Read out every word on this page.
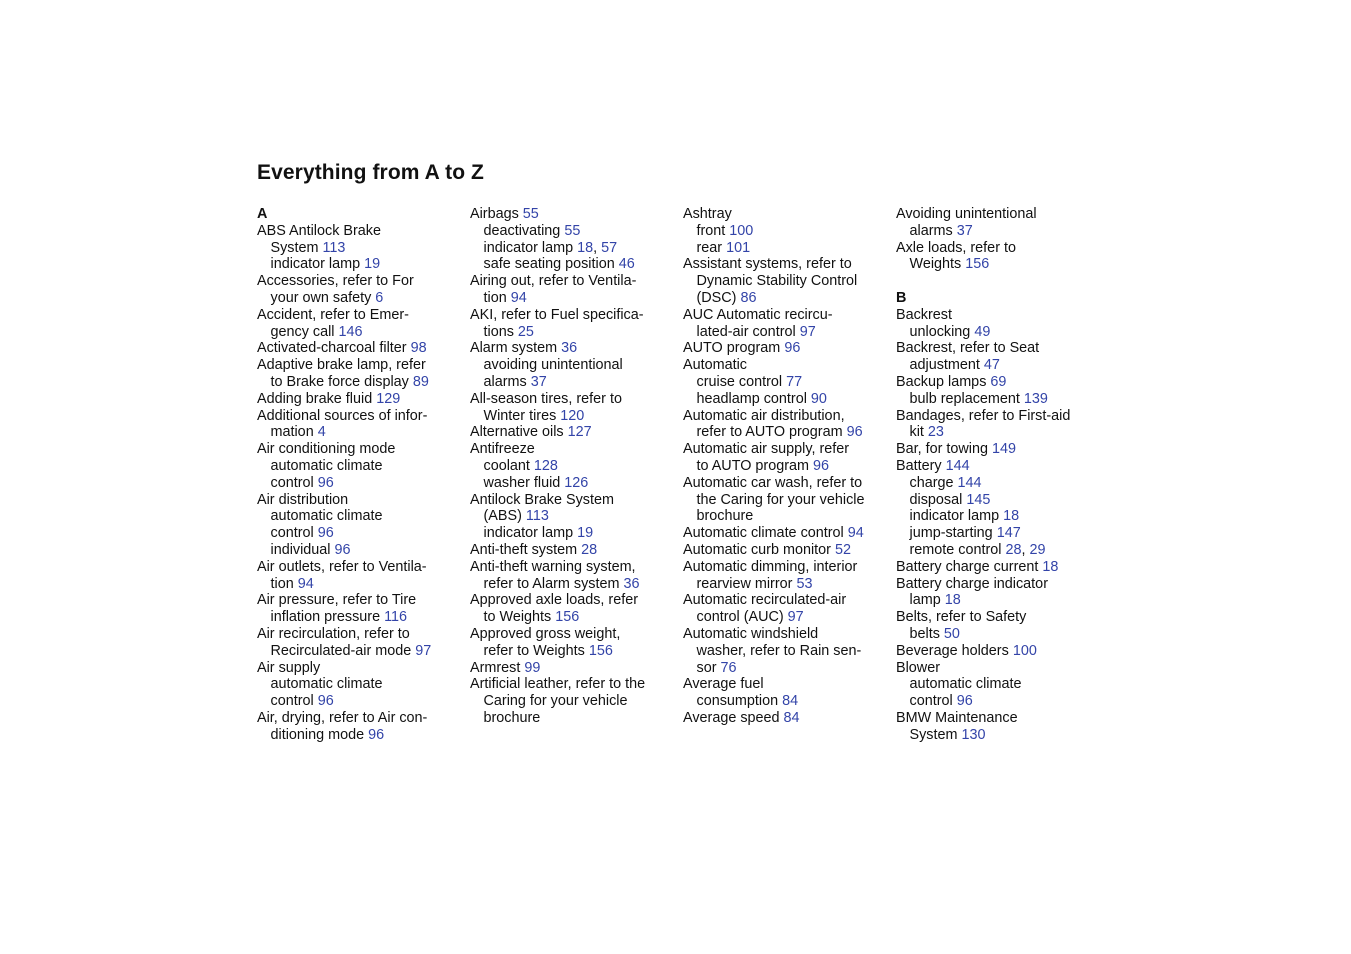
Everything from A to Z
A
ABS Antilock Brake
System 113
indicator lamp 19
Accessories, refer to For
your own safety 6
Accident, refer to Emer-
gency call 146
Activated-charcoal filter 98
Adaptive brake lamp, refer
to Brake force display 89
Adding brake fluid 129
Additional sources of infor-
mation 4
Air conditioning mode
automatic climate
control 96
Air distribution
automatic climate
control 96
individual 96
Air outlets, refer to Ventila-
tion 94
Air pressure, refer to Tire
inflation pressure 116
Air recirculation, refer to
Recirculated-air mode 97
Air supply
automatic climate
control 96
Air, drying, refer to Air con-
ditioning mode 96
Airbags 55
deactivating 55
indicator lamp 18, 57
safe seating position 46
Airing out, refer to Ventila-
tion 94
AKI, refer to Fuel specifica-
tions 25
Alarm system 36
avoiding unintentional
alarms 37
All-season tires, refer to
Winter tires 120
Alternative oils 127
Antifreeze
coolant 128
washer fluid 126
Antilock Brake System
(ABS) 113
indicator lamp 19
Anti-theft system 28
Anti-theft warning system,
refer to Alarm system 36
Approved axle loads, refer
to Weights 156
Approved gross weight,
refer to Weights 156
Armrest 99
Artificial leather, refer to the
Caring for your vehicle
brochure
Ashtray
front 100
rear 101
Assistant systems, refer to
Dynamic Stability Control
(DSC) 86
AUC Automatic recircu-
lated-air control 97
AUTO program 96
Automatic
cruise control 77
headlamp control 90
Automatic air distribution,
refer to AUTO program 96
Automatic air supply, refer
to AUTO program 96
Automatic car wash, refer to
the Caring for your vehicle
brochure
Automatic climate control 94
Automatic curb monitor 52
Automatic dimming, interior
rearview mirror 53
Automatic recirculated-air
control (AUC) 97
Automatic windshield
washer, refer to Rain sen-
sor 76
Average fuel
consumption 84
Average speed 84
Avoiding unintentional
alarms 37
Axle loads, refer to
Weights 156
B
Backrest
unlocking 49
Backrest, refer to Seat
adjustment 47
Backup lamps 69
bulb replacement 139
Bandages, refer to First-aid
kit 23
Bar, for towing 149
Battery 144
charge 144
disposal 145
indicator lamp 18
jump-starting 147
remote control 28, 29
Battery charge current 18
Battery charge indicator
lamp 18
Belts, refer to Safety
belts 50
Beverage holders 100
Blower
automatic climate
control 96
BMW Maintenance
System 130
